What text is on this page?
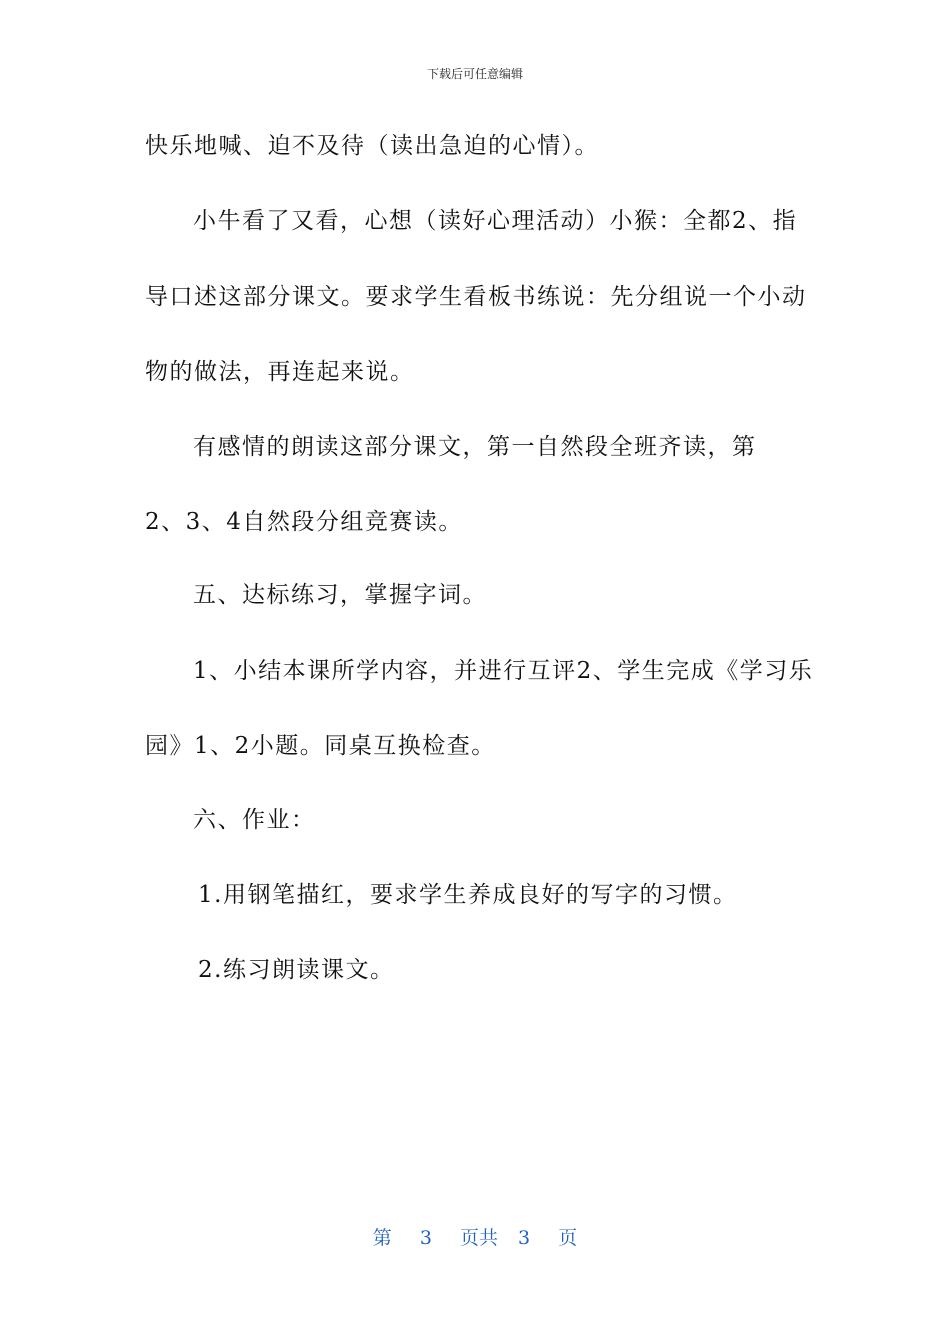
下载后可任意编辑
快乐地喊、迫不及待（读出急迫的心情）。
小牛看了又看，心想（读好心理活动）小猴：全都2、指
导口述这部分课文。要求学生看板书练说：先分组说一个小动
物的做法，再连起来说。
有感情的朗读这部分课文，第一自然段全班齐读，第
2、3、4自然段分组竞赛读。
五、达标练习，掌握字词。
1、小结本课所学内容，并进行互评2、学生完成《学习乐
园》1、2小题。同桌互换检查。
六、作业：
1.用钢笔描红，要求学生养成良好的写字的习惯。
2.练习朗读课文。
第 3 页共 3 页
